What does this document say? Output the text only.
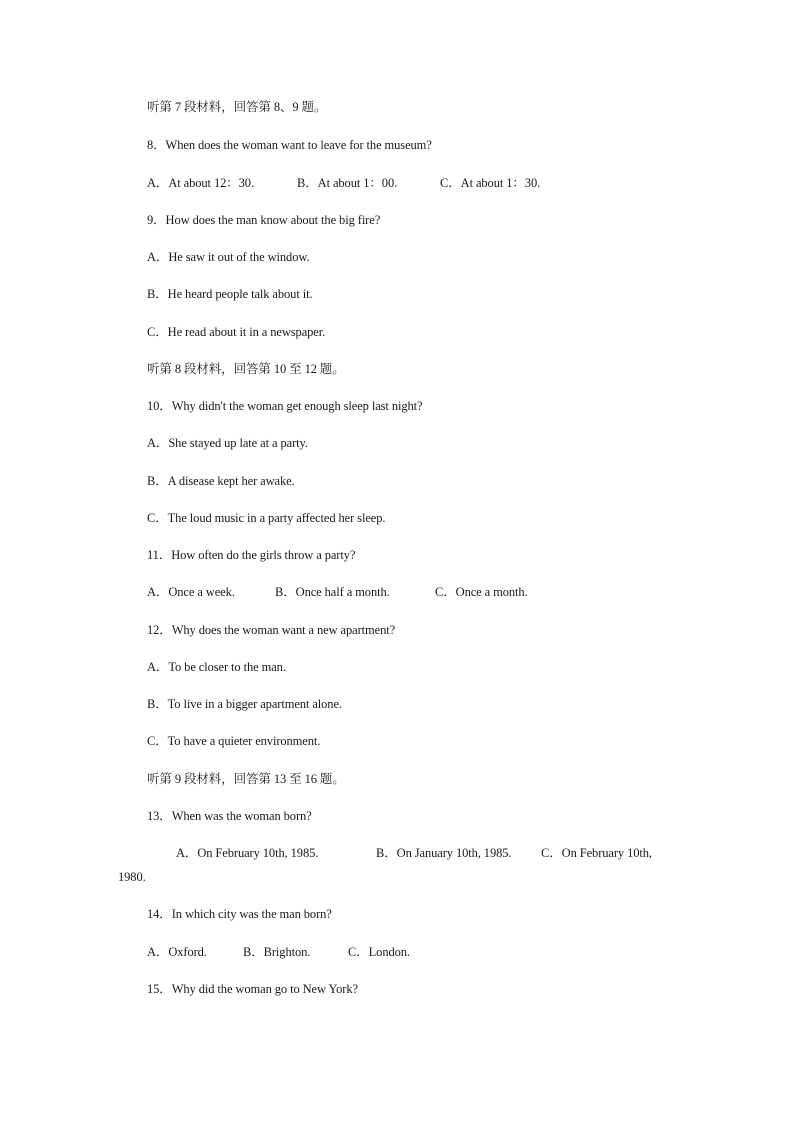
听第 7 段材料，回答第 8、9 题。
8．When does the woman want to leave for the museum?
A．At about 12：30.	B．At about 1：00.	C．At about 1：30.
9．How does the man know about the big fire?
A．He saw it out of the window.
B．He heard people talk about it.
C．He read about it in a newspaper.
听第 8 段材料，回答第 10 至 12 题。
10．Why didn't the woman get enough sleep last night?
A．She stayed up late at a party.
B．A disease kept her awake.
C．The loud music in a party affected her sleep.
11．How often do the girls throw a party?
A．Once a week.	B．Once half a month.	C．Once a month.
12．Why does the woman want a new apartment?
A．To be closer to the man.
B．To live in a bigger apartment alone.
C．To have a quieter environment.
听第 9 段材料，回答第 13 至 16 题。
13．When was the woman born?
A．On February 10th, 1985.	B．On January 10th, 1985. C．On February 10th, 1980.
14．In which city was the man born?
A．Oxford.	B．Brighton.	C．London.
15．Why did the woman go to New York?
